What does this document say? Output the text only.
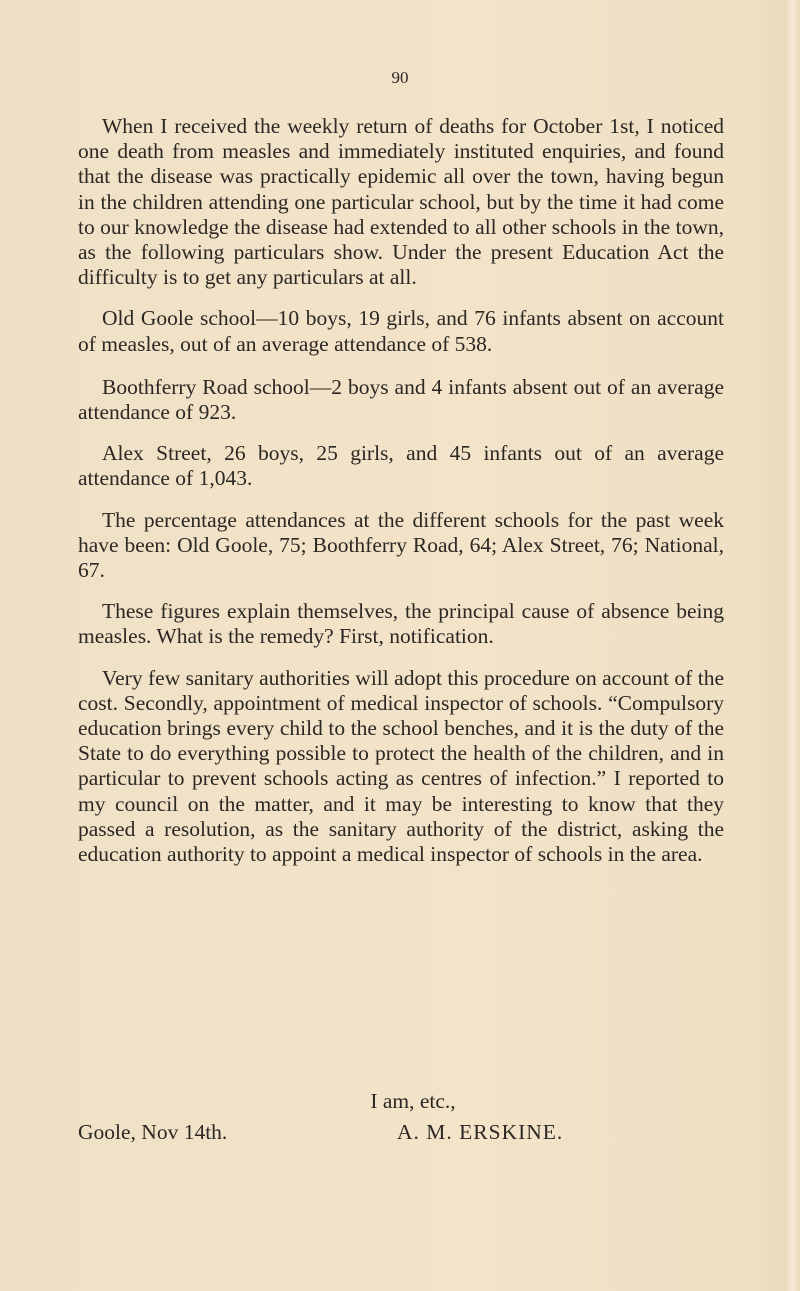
90

When I received the weekly return of deaths for October 1st, I noticed one death from measles and immediately instituted enquiries, and found that the disease was practically epidemic all over the town, having begun in the children attending one particular school, but by the time it had come to our knowledge the disease had extended to all other schools in the town, as the following particulars show. Under the present Education Act the difficulty is to get any particulars at all.

Old Goole school—10 boys, 19 girls, and 76 infants absent on account of measles, out of an average attendance of 538.

Boothferry Road school—2 boys and 4 infants absent out of an average attendance of 923.

Alex Street, 26 boys, 25 girls, and 45 infants out of an average attendance of 1,043.

The percentage attendances at the different schools for the past week have been: Old Goole, 75; Boothferry Road, 64; Alex Street, 76; National, 67.

These figures explain themselves, the principal cause of absence being measles. What is the remedy? First, notification.

Very few sanitary authorities will adopt this procedure on account of the cost. Secondly, appointment of medical inspector of schools. “Compulsory education brings every child to the school benches, and it is the duty of the State to do everything possible to protect the health of the children, and in particular to prevent schools acting as centres of infection.” I reported to my council on the matter, and it may be interesting to know that they passed a resolution, as the sanitary authority of the district, asking the education authority to appoint a medical inspector of schools in the area.

I am, etc.,
Goole, Nov 14th.	A. M. ERSKINE.
